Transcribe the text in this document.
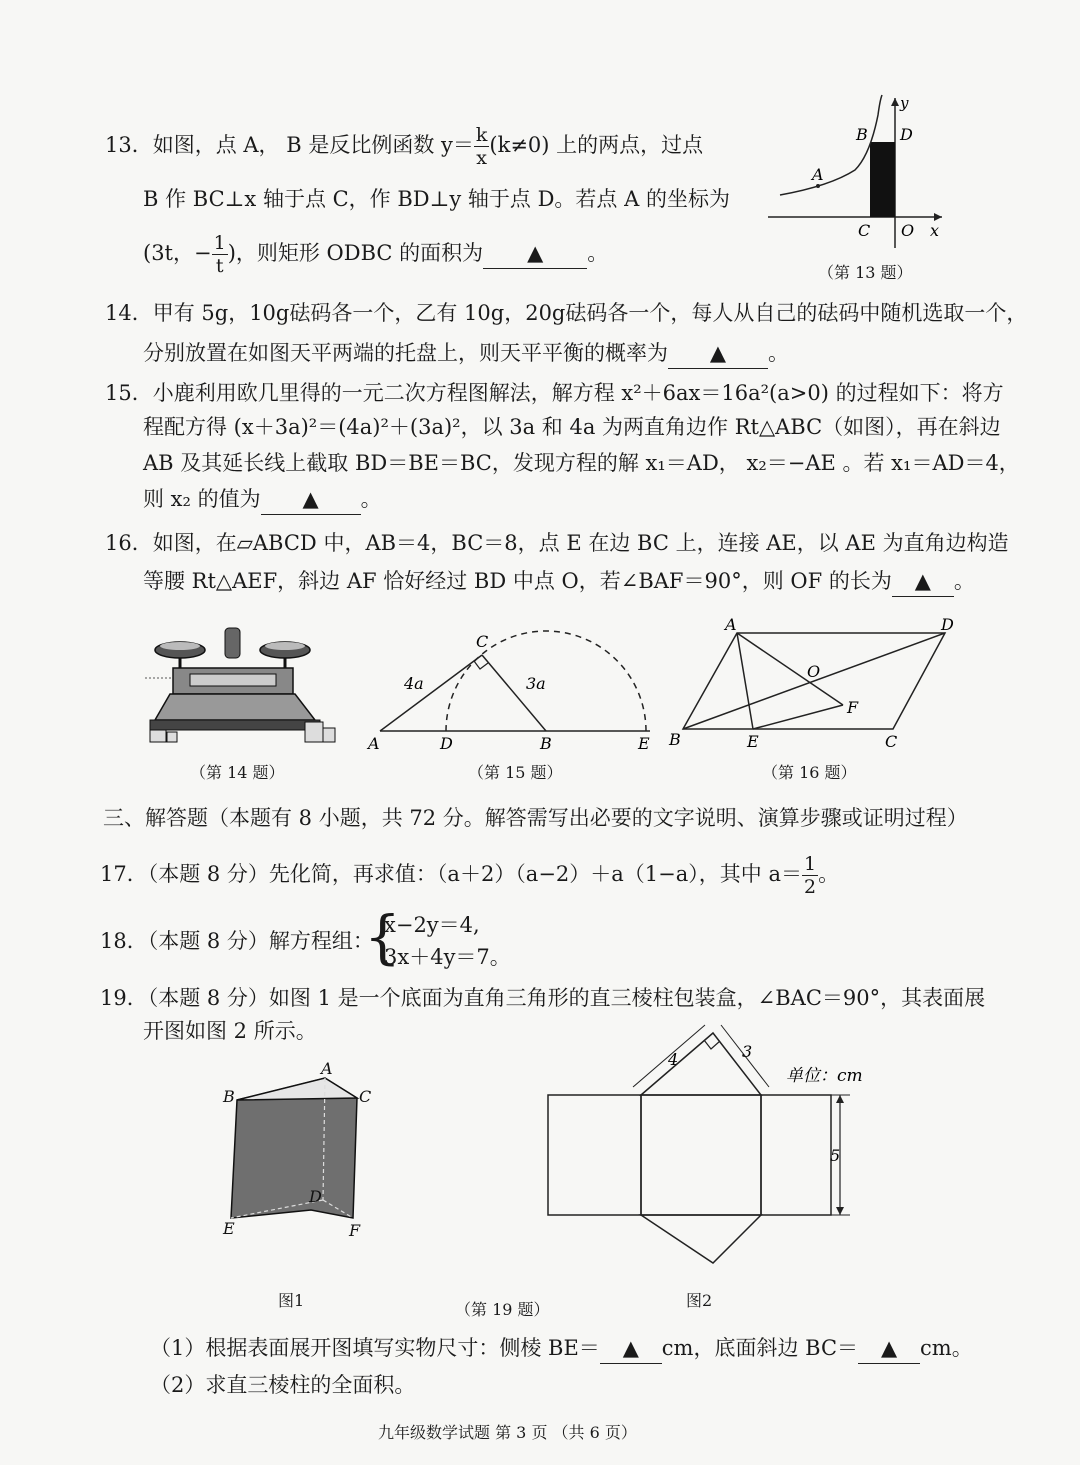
13．如图，点 A， B 是反比例函数 $y= \frac{k}{x} (k\ne 0)$ 上的两点，过点
B 作 BC⊥x 轴于点 C，作 BD⊥y 轴于点 D。若点 A 的坐标为
(3t，− $\frac{1}{t}$ )，则矩形 ODBC 的面积为 ▲ 。
y
B D
A
C O x
（第 13 题）
14．甲有 5g，10g砝码各一个，乙有 10g，20g砝码各一个，每人从自己的砝码中随机选取一个，
分别放置在如图天平两端的托盘上，则天平平衡的概率为 ▲ 。
15．小鹿利用欧几里得的一元二次方程图解法，解方程 x²＋6ax＝16a²(a>0) 的过程如下：将方
程配方得 (x＋3a)²＝(4a)²＋(3a)²，以 3a 和 4a 为两直角边作 Rt△ABC（如图），再在斜边
AB 及其延长线上截取 BD＝BE＝BC，发现方程的解 x₁＝AD， x₂＝−AE 。若 x₁＝AD＝4，
则 x₂ 的值为 ▲ 。
16．如图，在▱ABCD 中，AB＝4，BC＝8，点 E 在边 BC 上，连接 AE，以 AE 为直角边构造
等腰 Rt△AEF，斜边 AF 恰好经过 BD 中点 O，若∠BAF＝90°，则 OF 的长为 ▲ 。
（第 14 题）
C
4a	3a
A	D	B	E
（第 15 题）
A	D
O
F
B	E	C
（第 16 题）
三、解答题（本题有 8 小题，共 72 分。解答需写出必要的文字说明、演算步骤或证明过程）
17．（本题 8 分）先化简，再求值：（a＋2）（a−2）＋a（1−a），其中 $a= \frac{1}{2}$ 。
18．（本题 8 分）解方程组：
{
x−2y＝4,
3x＋4y＝7。
19．（本题 8 分）如图 1 是一个底面为直角三角形的直三棱柱包装盒，∠BAC＝90°，其表面展
开图如图 2 所示。
A
B	C
D
E	F
图1
4	3
5
单位：cm
图2
（第 19 题）
（1）根据表面展开图填写实物尺寸：侧棱 BE＝ ▲ cm，底面斜边 BC＝ ▲ cm。
（2）求直三棱柱的全面积。
九年级数学试题 第 3 页 （共 6 页）
